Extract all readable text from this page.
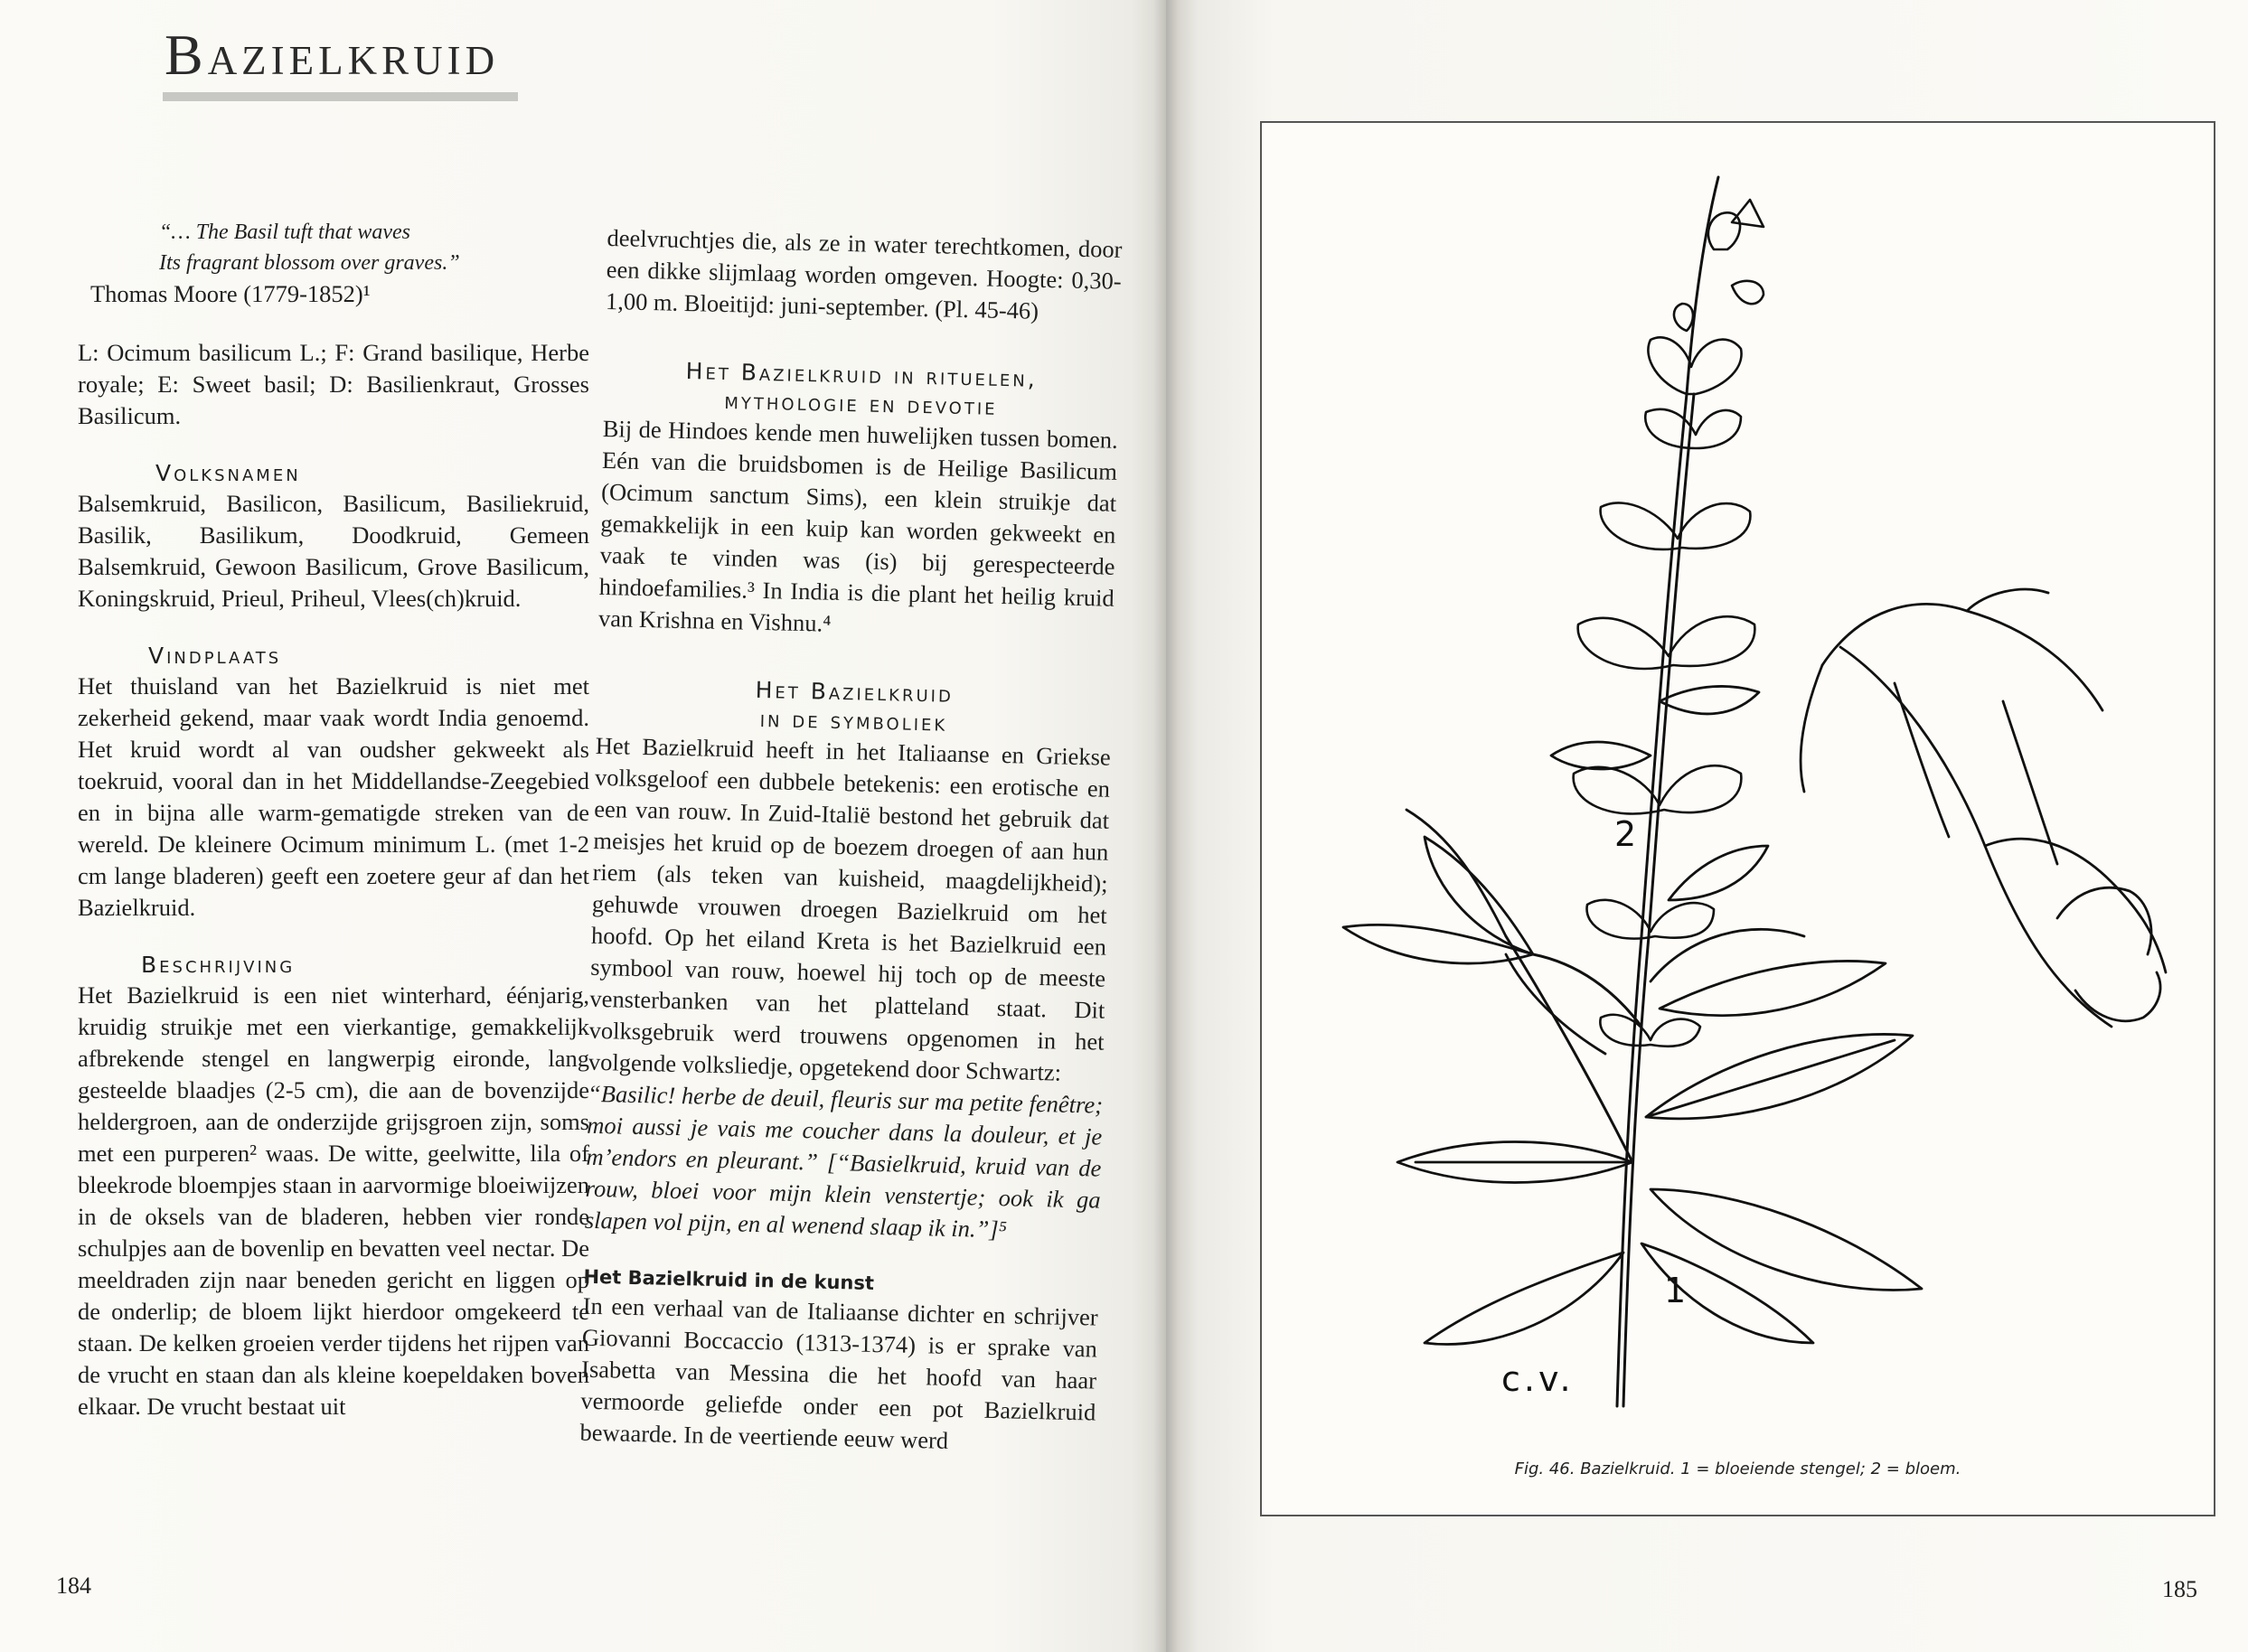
Bazielkruid

“… The Basil tuft that waves

Its fragrant blossom over graves.”

Thomas Moore (1779-1852)¹

L: Ocimum basilicum L.; F: Grand basilique, Herbe royale; E: Sweet basil; D: Basilienkraut, Grosses Basilicum.

Volksnamen

Balsemkruid, Basilicon, Basilicum, Basiliekruid, Basilik, Basilikum, Doodkruid, Gemeen Balsemkruid, Gewoon Basilicum, Grove Basilicum, Koningskruid, Prieul, Priheul, Vlees(ch)kruid.

Vindplaats

Het thuisland van het Bazielkruid is niet met zekerheid gekend, maar vaak wordt India genoemd. Het kruid wordt al van oudsher gekweekt als toekruid, vooral dan in het Middellandse-Zeegebied en in bijna alle warm-gematigde streken van de wereld. De kleinere Ocimum minimum L. (met 1-2 cm lange bladeren) geeft een zoetere geur af dan het Bazielkruid.

Beschrijving

Het Bazielkruid is een niet winterhard, éénjarig, kruidig struikje met een vierkantige, gemakkelijk afbrekende stengel en langwerpig eironde, lang gesteelde blaadjes (2-5 cm), die aan de bovenzijde heldergroen, aan de onderzijde grijsgroen zijn, soms met een purperen² waas. De witte, geelwitte, lila of bleekrode bloempjes staan in aarvormige bloeiwijzen in de oksels van de bladeren, hebben vier ronde schulpjes aan de bovenlip en bevatten veel nectar. De meeldraden zijn naar beneden gericht en liggen op de onderlip; de bloem lijkt hierdoor omgekeerd te staan. De kelken groeien verder tijdens het rijpen van de vrucht en staan dan als kleine koepeldaken boven elkaar. De vrucht bestaat uit

deelvruchtjes die, als ze in water terechtkomen, door een dikke slijmlaag worden omgeven. Hoogte: 0,30-1,00 m. Bloeitijd: juni-september. (Pl. 45-46)

Het Bazielkruid in rituelen,
mythologie en devotie

Bij de Hindoes kende men huwelijken tussen bomen. Eén van die bruidsbomen is de Heilige Basilicum (Ocimum sanctum Sims), een klein struikje dat gemakkelijk in een kuip kan worden gekweekt en vaak te vinden was (is) bij gerespecteerde hindoefamilies.³ In India is die plant het heilig kruid van Krishna en Vishnu.⁴

Het Bazielkruid
in de symboliek

Het Bazielkruid heeft in het Italiaanse en Griekse volksgeloof een dubbele betekenis: een erotische en een van rouw. In Zuid-Italië bestond het gebruik dat meisjes het kruid op de boezem droegen of aan hun riem (als teken van kuisheid, maagdelijkheid); gehuwde vrouwen droegen Bazielkruid om het hoofd. Op het eiland Kreta is het Bazielkruid een symbool van rouw, hoewel hij toch op de meeste vensterbanken van het platteland staat. Dit volksgebruik werd trouwens opgenomen in het volgende volksliedje, opgetekend door Schwartz:

“Basilic! herbe de deuil, fleuris sur ma petite fenêtre; moi aussi je vais me coucher dans la douleur, et je m’endors en pleurant.” [“Basielkruid, kruid van de rouw, bloei voor mijn klein venstertje; ook ik ga slapen vol pijn, en al wenend slaap ik in.”]⁵

Het Bazielkruid in de kunst

In een verhaal van de Italiaanse dichter en schrijver Giovanni Boccaccio (1313-1374) is er sprake van Isabetta van Messina die het hoofd van haar vermoorde geliefde onder een pot Bazielkruid bewaarde. In de veertiende eeuw werd

184	185
2
1
c.v.
Fig. 46. Bazielkruid. 1 = bloeiende stengel; 2 = bloem.
